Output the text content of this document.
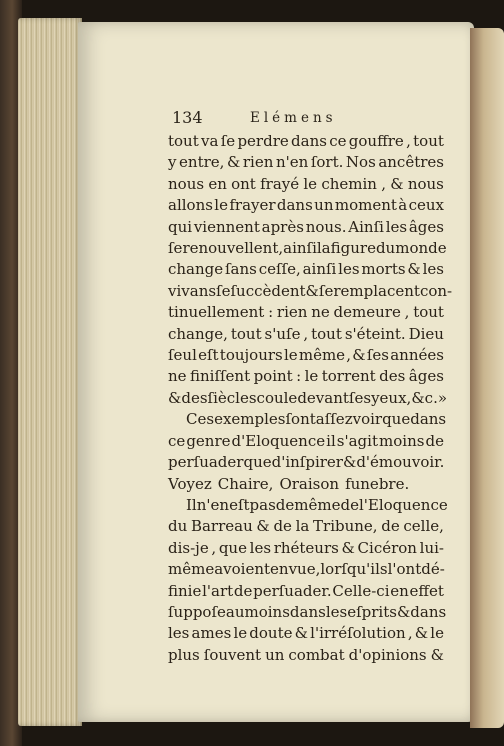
134	Elémens
tout va ſe perdre dans ce gouffre , tout
y entre, & rien n'en ſort. Nos ancêtres
nous en ont frayé le chemin , & nous
allons le frayer dans un moment à ceux
qui viennent après nous. Ainſi les âges
ſe renouvellent, ainſi la figure du monde
change ſans ceſſe, ainſi les morts & les
vivans ſe ſuccèdent & ſe remplacent con-
tinuellement : rien ne demeure , tout
change, tout s'uſe , tout s'éteint. Dieu
ſeul eſt toujours le même , & ſes années
ne finiſſent point : le torrent des âges
& des ſiècles coule devant ſes yeux, &c. »
Ces exemples ſont aſſez voir que dans
ce genre d'Eloquence il s'agit moins de
perſuader que d'inſpirer & d'émouvoir.
Voyez Chaire, Oraison funebre.
Il n'en eſt pas de même de l'Eloquence
du Barreau & de la Tribune, de celle,
dis-je , que les rhéteurs & Cicéron lui-
même avoient en vue , lorſqu'ils l'ont dé-
finie l'art de perſuader. Celle-ci en effet
ſuppoſe au moins dans les eſprits & dans
les ames le doute & l'irréſolution , & le
plus ſouvent un combat d'opinions &
